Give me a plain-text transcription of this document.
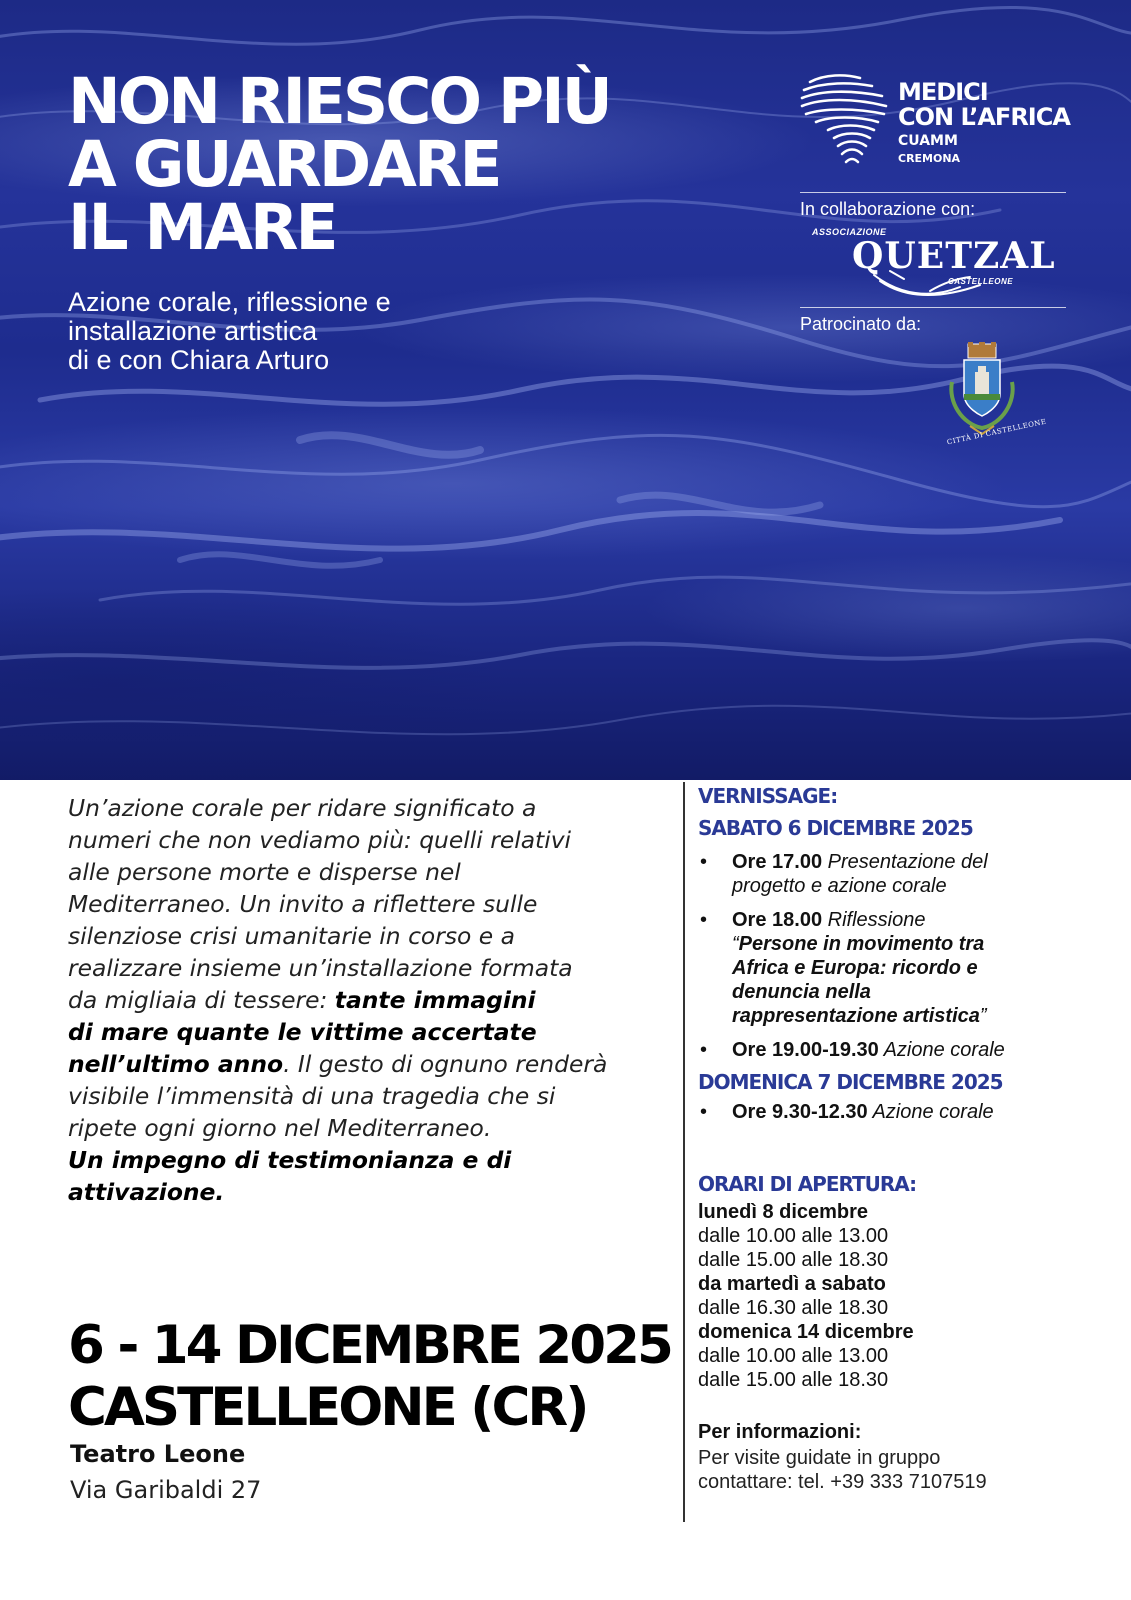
NON RIESCO PIÙ
A GUARDARE
IL MARE
Azione corale, riflessione e
installazione artistica
di e con Chiara Arturo
MEDICI
CON L’AFRICA
CUAMM
CREMONA
In collaborazione con:
ASSOCIAZIONE
QUETZAL
CASTELLEONE
Patrocinato da:
CITTÀ DI CASTELLEONE
Un’azione corale per ridare significato a
numeri che non vediamo più: quelli relativi
alle persone morte e disperse nel
Mediterraneo. Un invito a riflettere sulle
silenziose crisi umanitarie in corso e a
realizzare insieme un’installazione formata
da migliaia di tessere: tante immagini
di mare quante le vittime accertate
nell’ultimo anno. Il gesto di ognuno renderà
visibile l’immensità di una tragedia che si
ripete ogni giorno nel Mediterraneo.
Un impegno di testimonianza e di
attivazione.
6 - 14 DICEMBRE 2025
CASTELLEONE (CR)
Teatro Leone
Via Garibaldi 27
VERNISSAGE:
SABATO 6 DICEMBRE 2025
• Ore 17.00 Presentazione del
progetto e azione corale
• Ore 18.00 Riflessione
“Persone in movimento tra
Africa e Europa: ricordo e
denuncia nella
rappresentazione artistica”
• Ore 19.00-19.30 Azione corale
DOMENICA 7 DICEMBRE 2025
• Ore 9.30-12.30 Azione corale
ORARI DI APERTURA:
lunedì 8 dicembre
dalle 10.00 alle 13.00
dalle 15.00 alle 18.30
da martedì a sabato
dalle 16.30 alle 18.30
domenica 14 dicembre
dalle 10.00 alle 13.00
dalle 15.00 alle 18.30
Per informazioni:
Per visite guidate in gruppo
contattare: tel. +39 333 7107519
